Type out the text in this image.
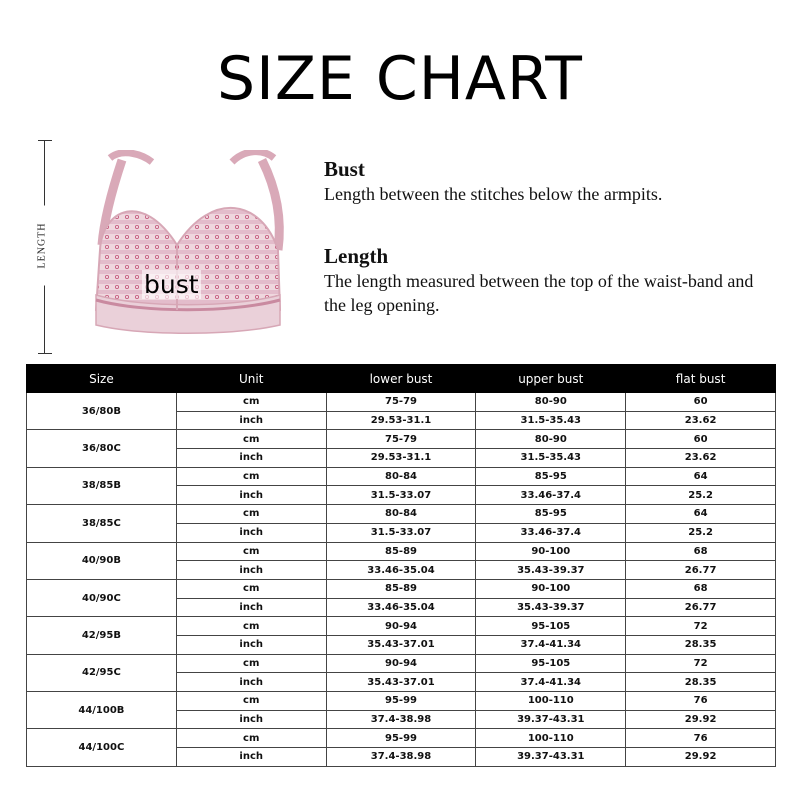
SIZE CHART
LENGTH
bust
Bust
Length between the stitches below the armpits.
Length
The length measured between the top of the waist-band and the leg opening.
Size	Unit	lower bust	upper bust	flat bust
36/80B	cm	75-79	80-90	60
	inch	29.53-31.1	31.5-35.43	23.62
36/80C	cm	75-79	80-90	60
	inch	29.53-31.1	31.5-35.43	23.62
38/85B	cm	80-84	85-95	64
	inch	31.5-33.07	33.46-37.4	25.2
38/85C	cm	80-84	85-95	64
	inch	31.5-33.07	33.46-37.4	25.2
40/90B	cm	85-89	90-100	68
	inch	33.46-35.04	35.43-39.37	26.77
40/90C	cm	85-89	90-100	68
	inch	33.46-35.04	35.43-39.37	26.77
42/95B	cm	90-94	95-105	72
	inch	35.43-37.01	37.4-41.34	28.35
42/95C	cm	90-94	95-105	72
	inch	35.43-37.01	37.4-41.34	28.35
44/100B	cm	95-99	100-110	76
	inch	37.4-38.98	39.37-43.31	29.92
44/100C	cm	95-99	100-110	76
	inch	37.4-38.98	39.37-43.31	29.92
